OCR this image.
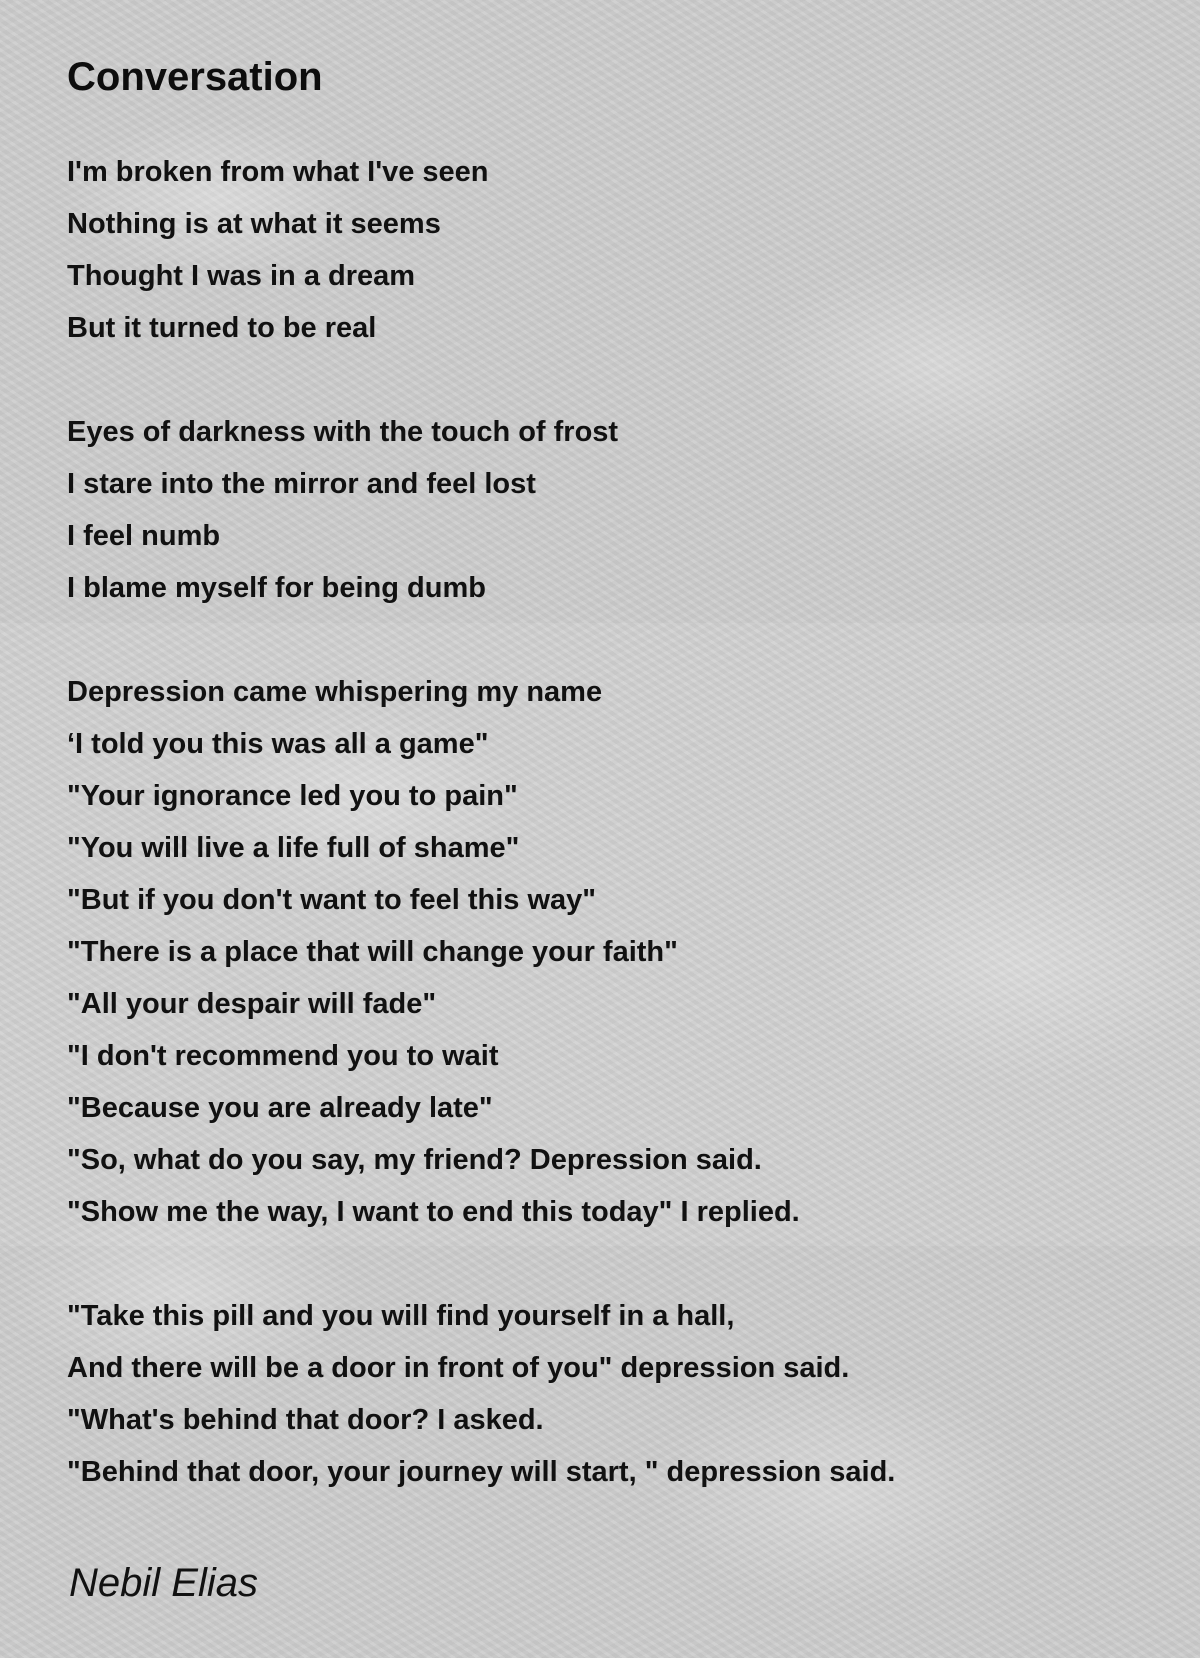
Conversation
I'm broken from what I've seen
Nothing is at what it seems
Thought I was in a dream
But it turned to be real
Eyes of darkness with the touch of frost
I stare into the mirror and feel lost
I feel numb
I blame myself for being dumb
Depression came whispering my name
‘I told you this was all a game"
"Your ignorance led you to pain"
"You will live a life full of shame"
"But if you don't want to feel this way"
"There is a place that will change your faith"
"All your despair will fade"
"I don't recommend you to wait
"Because you are already late"
"So, what do you say, my friend? Depression said.
"Show me the way, I want to end this today" I replied.
"Take this pill and you will find yourself in a hall,
And there will be a door in front of you" depression said.
"What's behind that door? I asked.
"Behind that door, your journey will start, " depression said.
Nebil Elias
